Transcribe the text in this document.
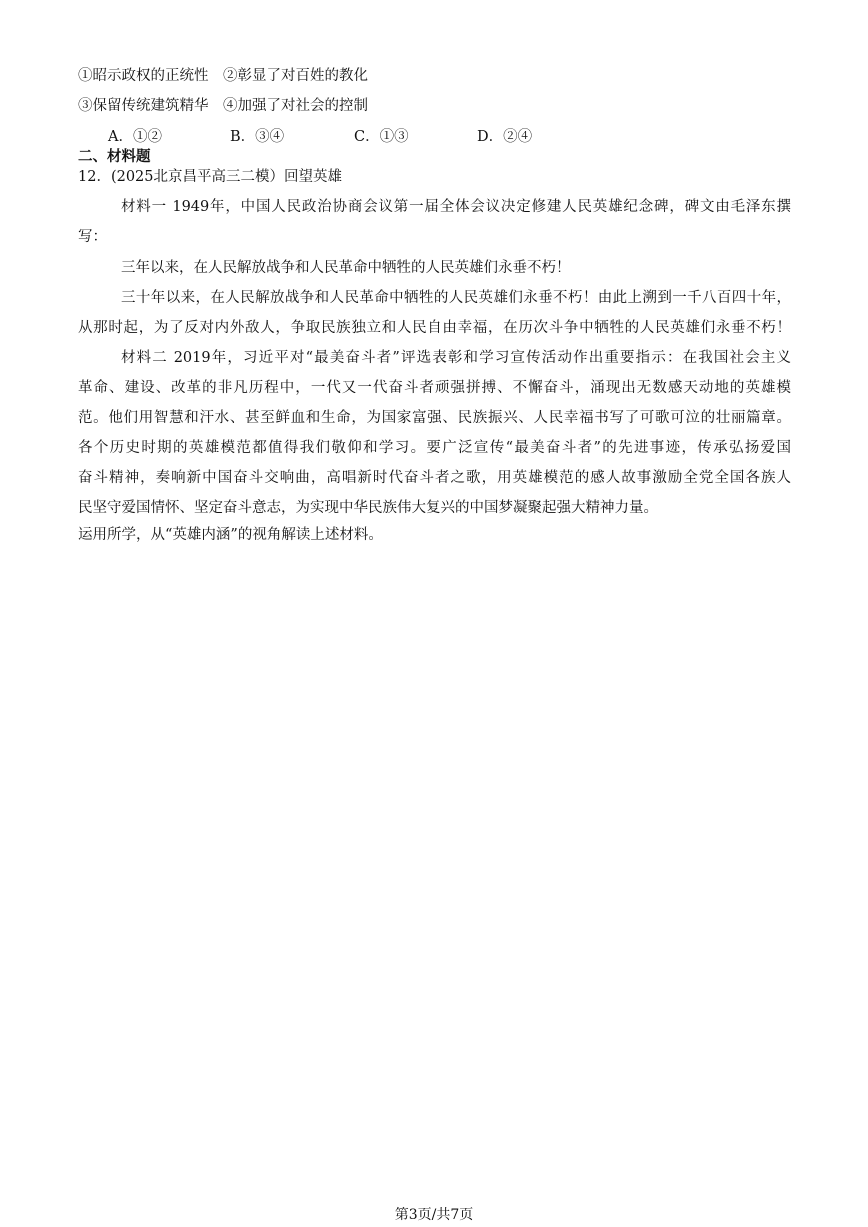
①昭示政权的正统性　②彰显了对百姓的教化
③保留传统建筑精华　④加强了对社会的控制
A．①②	B．③④	C．①③	D．②④
二、材料题
12．(2025北京昌平高三二模）回望英雄
材料一 1949年，中国人民政治协商会议第一届全体会议决定修建人民英雄纪念碑，碑文由毛泽东撰
写：
三年以来，在人民解放战争和人民革命中牺牲的人民英雄们永垂不朽！
三十年以来，在人民解放战争和人民革命中牺牲的人民英雄们永垂不朽！由此上溯到一千八百四十年，
从那时起，为了反对内外敌人，争取民族独立和人民自由幸福，在历次斗争中牺牲的人民英雄们永垂不朽！
材料二 2019年，习近平对“最美奋斗者”评选表彰和学习宣传活动作出重要指示：在我国社会主义
革命、建设、改革的非凡历程中，一代又一代奋斗者顽强拼搏、不懈奋斗，涌现出无数感天动地的英雄模
范。他们用智慧和汗水、甚至鲜血和生命，为国家富强、民族振兴、人民幸福书写了可歌可泣的壮丽篇章。
各个历史时期的英雄模范都值得我们敬仰和学习。要广泛宣传“最美奋斗者”的先进事迹，传承弘扬爱国
奋斗精神，奏响新中国奋斗交响曲，高唱新时代奋斗者之歌，用英雄模范的感人故事激励全党全国各族人
民坚守爱国情怀、坚定奋斗意志，为实现中华民族伟大复兴的中国梦凝聚起强大精神力量。
运用所学，从“英雄内涵”的视角解读上述材料。
第3页/共7页
